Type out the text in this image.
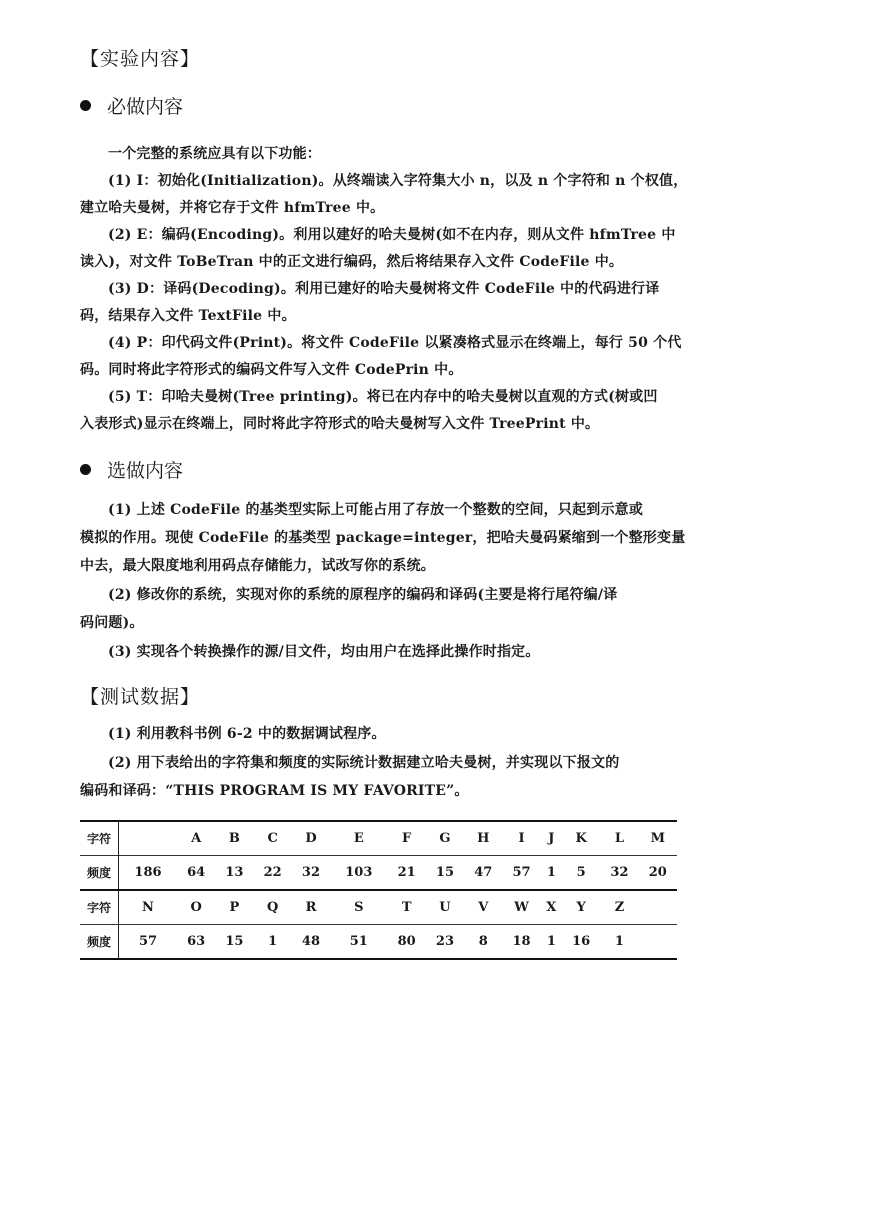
【实验内容】
必做内容
一个完整的系统应具有以下功能：
(1) I：初始化(Initialization)。从终端读入字符集大小 n，以及 n 个字符和 n 个权值，
建立哈夫曼树，并将它存于文件 hfmTree 中。
(2) E：编码(Encoding)。利用以建好的哈夫曼树(如不在内存，则从文件 hfmTree 中
读入)，对文件 ToBeTran 中的正文进行编码，然后将结果存入文件 CodeFile 中。
(3) D：译码(Decoding)。利用已建好的哈夫曼树将文件 CodeFile 中的代码进行译
码，结果存入文件 TextFile 中。
(4) P：印代码文件(Print)。将文件 CodeFile 以紧凑格式显示在终端上，每行 50 个代
码。同时将此字符形式的编码文件写入文件 CodePrin 中。
(5) T：印哈夫曼树(Tree printing)。将已在内存中的哈夫曼树以直观的方式(树或凹
入表形式)显示在终端上，同时将此字符形式的哈夫曼树写入文件 TreePrint 中。
选做内容
(1) 上述 CodeFile 的基类型实际上可能占用了存放一个整数的空间，只起到示意或
模拟的作用。现使 CodeFile 的基类型 package=integer，把哈夫曼码紧缩到一个整形变量
中去，最大限度地利用码点存储能力，试改写你的系统。
(2) 修改你的系统，实现对你的系统的原程序的编码和译码(主要是将行尾符编/译
码问题)。
(3) 实现各个转换操作的源/目文件，均由用户在选择此操作时指定。
【测试数据】
(1) 利用教科书例 6-2 中的数据调试程序。
(2) 用下表给出的字符集和频度的实际统计数据建立哈夫曼树，并实现以下报文的
编码和译码：“THIS PROGRAM IS MY FAVORITE”。
字符		A	B	C	D	E	F	G	H	I	J	K	L	M
频度	186	64	13	22	32	103	21	15	47	57	1	5	32	20
字符	N	O	P	Q	R	S	T	U	V	W	X	Y	Z	
频度	57	63	15	1	48	51	80	23	8	18	1	16	1	
